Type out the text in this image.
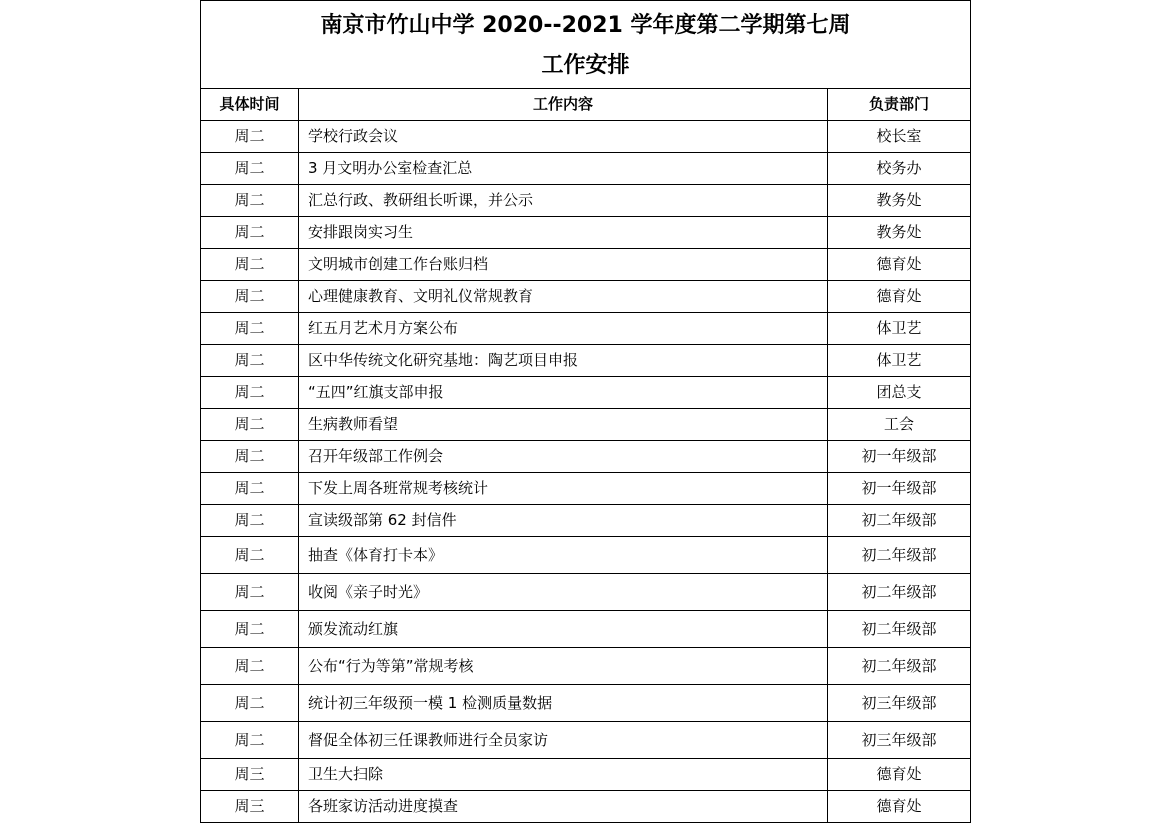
南京市竹山中学 2020--2021 学年度第二学期第七周
工作安排		

具体时间	工作内容	负责部门
周二	学校行政会议	校长室
周二	3 月文明办公室检查汇总	校务办
周二	汇总行政、教研组长听课，并公示	教务处
周二	安排跟岗实习生	教务处
周二	文明城市创建工作台账归档	德育处
周二	心理健康教育、文明礼仪常规教育	德育处
周二	红五月艺术月方案公布	体卫艺
周二	区中华传统文化研究基地：陶艺项目申报	体卫艺
周二	“五四”红旗支部申报	团总支
周二	生病教师看望	工会
周二	召开年级部工作例会	初一年级部
周二	下发上周各班常规考核统计	初一年级部
周二	宣读级部第 62 封信件	初二年级部
周二	抽查《体育打卡本》	初二年级部
周二	收阅《亲子时光》	初二年级部
周二	颁发流动红旗	初二年级部
周二	公布“行为等第”常规考核	初二年级部
周二	统计初三年级预一模 1 检测质量数据	初三年级部
周二	督促全体初三任课教师进行全员家访	初三年级部
周三	卫生大扫除	德育处
周三	各班家访活动进度摸查	德育处
